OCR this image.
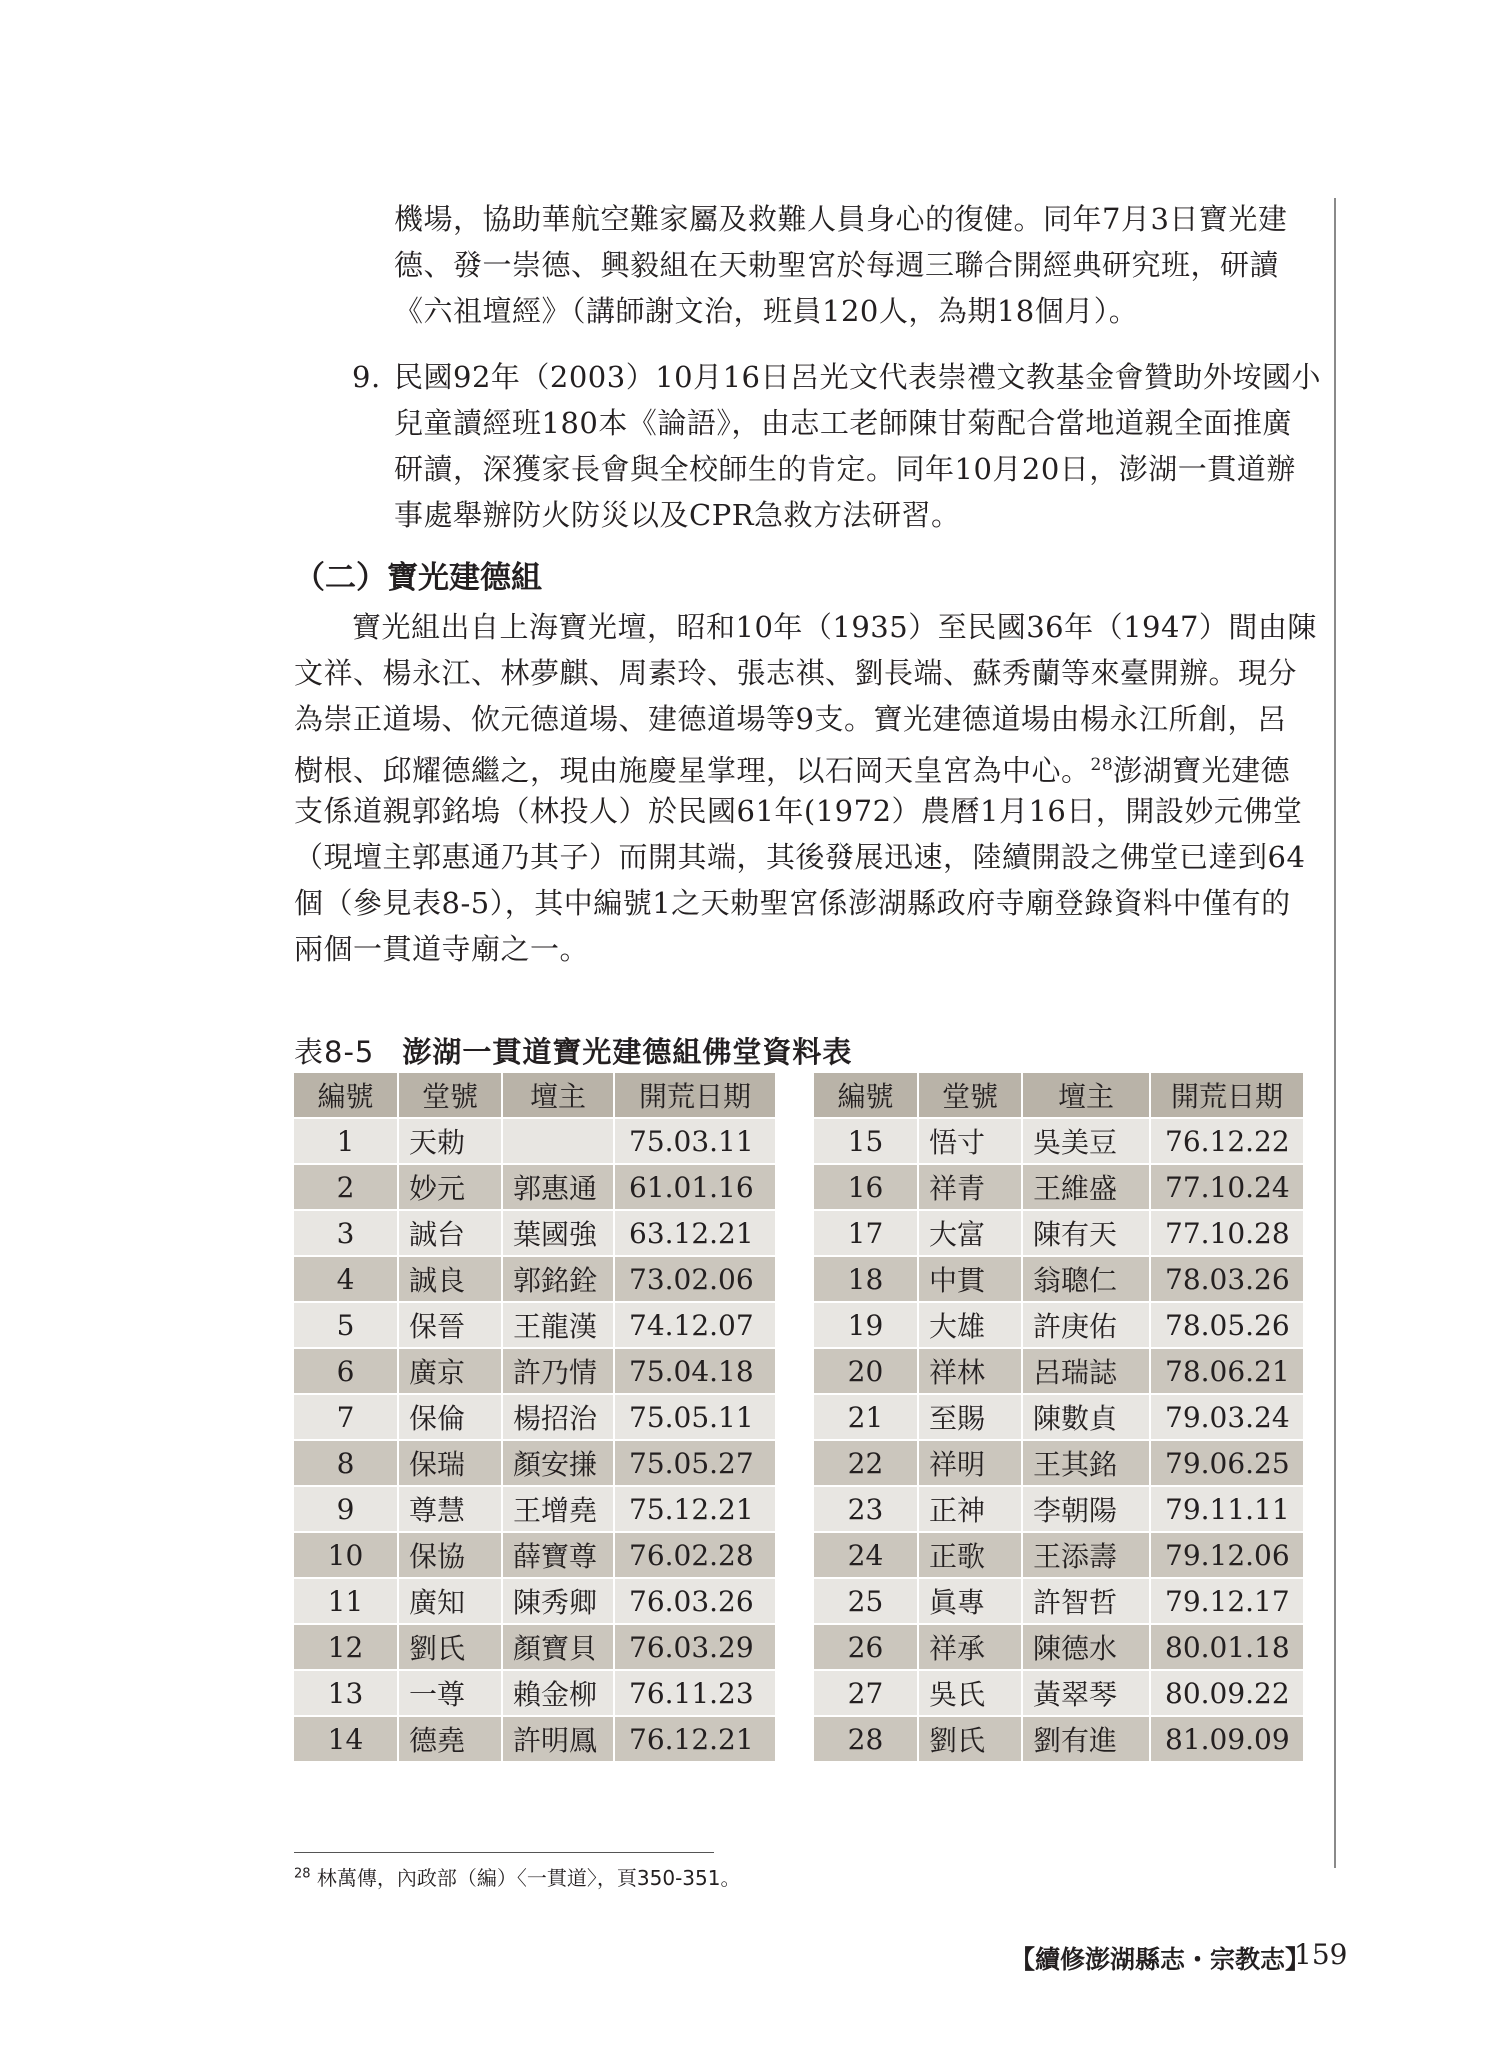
機場，協助華航空難家屬及救難人員身心的復健。同年7月3日寶光建
德、發一崇德、興毅組在天勅聖宮於每週三聯合開經典研究班，研讀
《六祖壇經》（講師謝文治，班員120人，為期18個月）。
9. 民國92年（2003）10月16日呂光文代表崇禮文教基金會贊助外垵國小
兒童讀經班180本《論語》，由志工老師陳甘菊配合當地道親全面推廣
研讀，深獲家長會與全校師生的肯定。同年10月20日，澎湖一貫道辦
事處舉辦防火防災以及CPR急救方法研習。
（二）寶光建德組
寶光組出自上海寶光壇，昭和10年（1935）至民國36年（1947）間由陳
文祥、楊永江、林夢麒、周素玲、張志祺、劉長端、蘇秀蘭等來臺開辦。現分
為崇正道場、佽元德道場、建德道場等9支。寶光建德道場由楊永江所創，呂
樹根、邱耀德繼之，現由施慶星掌理，以石岡天皇宮為中心。$^{28}$澎湖寶光建德
支係道親郭銘塢（林投人）於民國61年(1972）農曆1月16日，開設妙元佛堂
（現壇主郭惠通乃其子）而開其端，其後發展迅速，陸續開設之佛堂已達到64
個（參見表8-5），其中編號1之天勅聖宮係澎湖縣政府寺廟登錄資料中僅有的
兩個一貫道寺廟之一。
表8-5 澎湖一貫道寶光建德組佛堂資料表
編號	堂號	壇主	開荒日期
1	天勅		75.03.11
2	妙元	郭惠通	61.01.16
3	誠台	葉國強	63.12.21
4	誠良	郭銘銓	73.02.06
5	保晉	王龍漢	74.12.07
6	廣京	許乃情	75.04.18
7	保倫	楊招治	75.05.11
8	保瑞	顏安搛	75.05.27
9	尊慧	王增堯	75.12.21
10	保協	薛寶尊	76.02.28
11	廣知	陳秀卿	76.03.26
12	劉氏	顏寶貝	76.03.29
13	一尊	賴金柳	76.11.23
14	德堯	許明鳳	76.12.21
編號	堂號	壇主	開荒日期
15	悟寸	吳美豆	76.12.22
16	祥青	王維盛	77.10.24
17	大富	陳有天	77.10.28
18	中貫	翁聰仁	78.03.26
19	大雄	許庚佑	78.05.26
20	祥林	呂瑞誌	78.06.21
21	至賜	陳數貞	79.03.24
22	祥明	王其銘	79.06.25
23	正神	李朝陽	79.11.11
24	正歌	王添壽	79.12.06
25	眞專	許智哲	79.12.17
26	祥承	陳德水	80.01.18
27	吳氏	黃翠琴	80.09.22
28	劉氏	劉有進	81.09.09
$^{28}$ 林萬傳，內政部（編）〈一貫道〉，頁350-351。
【續修澎湖縣志・宗教志】
159
